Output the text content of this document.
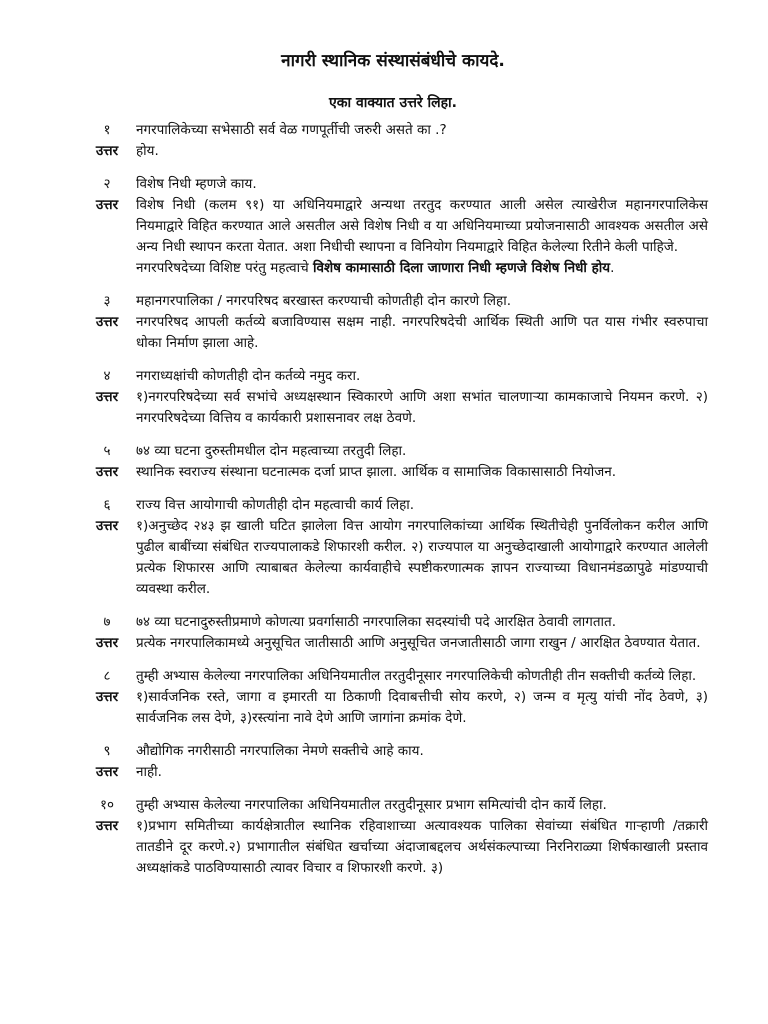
नागरी स्थानिक संस्थासंबंधीचे कायदे.
एका वाक्यात उत्तरे लिहा.
१	नगरपालिकेच्या सभेसाठी सर्व वेळ गणपूर्तीची जरुरी असते का .?
उत्तर	होय.
२	विशेष निधी म्हणजे काय.
उत्तर	विशेष निधी (कलम ९१) या अधिनियमाद्वारे अन्यथा तरतुद करण्यात आली असेल त्याखेरीज महानगरपालिकेस नियमाद्वारे विहित करण्यात आले असतील असे विशेष निधी व या अधिनियमाच्या प्रयोजनासाठी आवश्यक असतील असे अन्य निधी स्थापन करता येतात. अशा निधीची स्थापना व विनियोग नियमाद्वारे विहित केलेल्या रितीने केली पाहिजे.
नगरपरिषदेच्या विशिष्ट परंतु महत्वाचे विशेष कामासाठी दिला जाणारा निधी म्हणजे विशेष निधी होय.
३	महानगरपालिका / नगरपरिषद बरखास्त करण्याची कोणतीही दोन कारणे लिहा.
उत्तर	नगरपरिषद आपली कर्तव्ये बजाविण्यास सक्षम नाही. नगरपरिषदेची आर्थिक स्थिती आणि पत यास गंभीर स्वरुपाचा धोका निर्माण झाला आहे.
४	नगराध्यक्षांची कोणतीही दोन कर्तव्ये नमुद करा.
उत्तर	१)नगरपरिषदेच्या सर्व सभांचे अध्यक्षस्थान स्विकारणे आणि अशा सभांत चालणाऱ्या कामकाजाचे नियमन करणे. २) नगरपरिषदेच्या वित्तिय व कार्यकारी प्रशासनावर लक्ष ठेवणे.
५	७४ व्या घटना दुरुस्तीमधील दोन महत्वाच्या तरतुदी लिहा.
उत्तर	स्थानिक स्वराज्य संस्थाना घटनात्मक दर्जा प्राप्त झाला. आर्थिक व सामाजिक विकासासाठी नियोजन.
६	राज्य वित्त आयोगाची कोणतीही दोन महत्वाची कार्य लिहा.
उत्तर	१)अनुच्छेद २४३ झ खाली घटित झालेला वित्त आयोग नगरपालिकांच्या आर्थिक स्थितीचेही पुनर्विलोकन करील आणि पुढील बाबींच्या संबंधित राज्यपालाकडे शिफारशी करील. २) राज्यपाल या अनुच्छेदाखाली आयोगाद्वारे करण्यात आलेली प्रत्येक शिफारस आणि त्याबाबत केलेल्या कार्यवाहीचे स्पष्टीकरणात्मक ज्ञापन राज्याच्या विधानमंडळापुढे मांडण्याची व्यवस्था करील.
७	७४ व्या घटनादुरुस्तीप्रमाणे कोणत्या प्रवर्गासाठी नगरपालिका सदस्यांची पदे आरक्षित ठेवावी लागतात.
उत्तर	प्रत्येक नगरपालिकामध्ये अनुसूचित जातीसाठी आणि अनुसूचित जनजातीसाठी जागा राखुन / आरक्षित ठेवण्यात येतात.
८	तुम्ही अभ्यास केलेल्या नगरपालिका अधिनियमातील तरतुदीनूसार नगरपालिकेची कोणतीही तीन सक्तीची कर्तव्ये लिहा.
उत्तर	१)सार्वजनिक रस्ते, जागा व इमारती या ठिकाणी दिवाबत्तीची सोय करणे, २) जन्म व मृत्यु यांची नोंद ठेवणे, ३) सार्वजनिक लस देणे, ३)रस्त्यांना नावे देणे आणि जागांना क्रमांक देणे.
९	औद्योगिक नगरीसाठी नगरपालिका नेमणे सक्तीचे आहे काय.
उत्तर	नाही.
१०	तुम्ही अभ्यास केलेल्या नगरपालिका अधिनियमातील तरतुदीनूसार प्रभाग समित्यांची दोन कार्ये लिहा.
उत्तर	१)प्रभाग समितीच्या कार्यक्षेत्रातील स्थानिक रहिवाशाच्या अत्यावश्यक पालिका सेवांच्या संबंधित गाऱ्हाणी /तक्रारी तातडीने दूर करणे.२) प्रभागातील संबंधित खर्चाच्या अंदाजाबद्दलच अर्थसंकल्पाच्या निरनिराळ्या शिर्षकाखाली प्रस्ताव अध्यक्षांकडे पाठविण्यासाठी त्यावर विचार व शिफारशी करणे. ३)
